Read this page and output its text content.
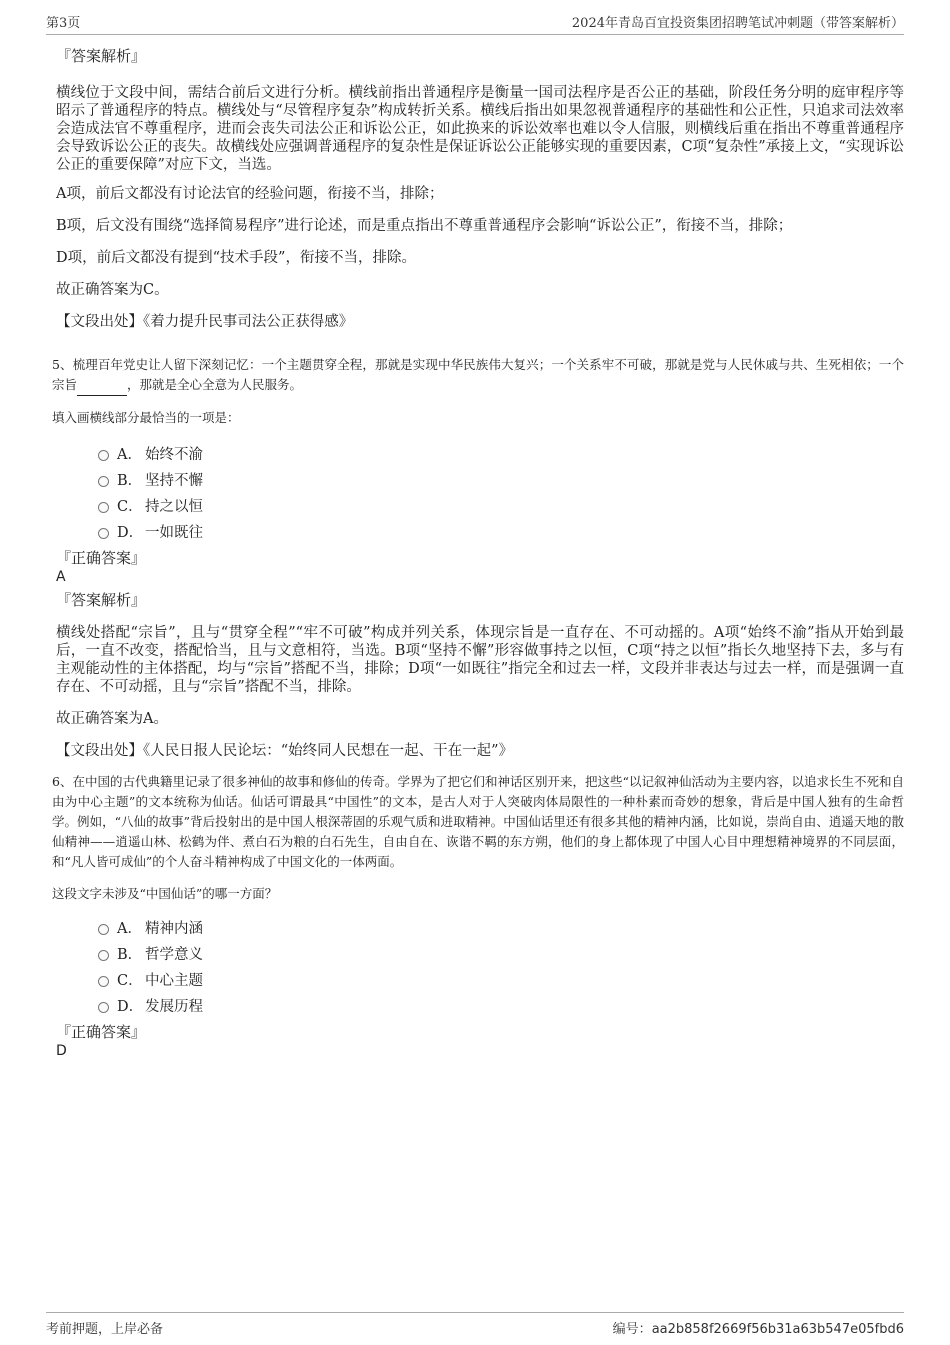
第3页	2024年青岛百宜投资集团招聘笔试冲刺题（带答案解析）

『答案解析』

横线位于文段中间，需结合前后文进行分析。横线前指出普通程序是衡量一国司法程序是否公正的基础，阶段任务分明的庭审程序等昭示了普通程序的特点。横线处与“尽管程序复杂”构成转折关系。横线后指出如果忽视普通程序的基础性和公正性，只追求司法效率会造成法官不尊重程序，进而会丧失司法公正和诉讼公正，如此换来的诉讼效率也难以令人信服，则横线后重在指出不尊重普通程序会导致诉讼公正的丧失。故横线处应强调普通程序的复杂性是保证诉讼公正能够实现的重要因素，C项“复杂性”承接上文，“实现诉讼公正的重要保障”对应下文，当选。

A项，前后文都没有讨论法官的经验问题，衔接不当，排除；

B项，后文没有围绕“选择简易程序”进行论述，而是重点指出不尊重普通程序会影响“诉讼公正”，衔接不当，排除；

D项，前后文都没有提到“技术手段”，衔接不当，排除。

故正确答案为C。

【文段出处】《着力提升民事司法公正获得感》

5、梳理百年党史让人留下深刻记忆：一个主题贯穿全程，那就是实现中华民族伟大复兴；一个关系牢不可破，那就是党与人民休戚与共、生死相依；一个宗旨	，那就是全心全意为人民服务。

填入画横线部分最恰当的一项是：

A． 始终不渝
B． 坚持不懈
C． 持之以恒
D． 一如既往

『正确答案』

A

『答案解析』

横线处搭配“宗旨”，且与“贯穿全程”“牢不可破”构成并列关系，体现宗旨是一直存在、不可动摇的。A项“始终不渝”指从开始到最后，一直不改变，搭配恰当，且与文意相符，当选。B项“坚持不懈”形容做事持之以恒，C项“持之以恒”指长久地坚持下去，多与有主观能动性的主体搭配，均与“宗旨”搭配不当，排除；D项“一如既往”指完全和过去一样，文段并非表达与过去一样，而是强调一直存在、不可动摇，且与“宗旨”搭配不当，排除。

故正确答案为A。

【文段出处】《人民日报人民论坛：“始终同人民想在一起、干在一起”》

6、在中国的古代典籍里记录了很多神仙的故事和修仙的传奇。学界为了把它们和神话区别开来，把这些“以记叙神仙活动为主要内容，以追求长生不死和自由为中心主题”的文本统称为仙话。仙话可谓最具“中国性”的文本，是古人对于人突破肉体局限性的一种朴素而奇妙的想象，背后是中国人独有的生命哲学。例如，“八仙的故事”背后投射出的是中国人根深蒂固的乐观气质和进取精神。中国仙话里还有很多其他的精神内涵，比如说，崇尚自由、逍遥天地的散仙精神——逍遥山林、松鹤为伴、煮白石为粮的白石先生，自由自在、诙谐不羁的东方朔，他们的身上都体现了中国人心目中理想精神境界的不同层面，和“凡人皆可成仙”的个人奋斗精神构成了中国文化的一体两面。

这段文字未涉及“中国仙话”的哪一方面？

A． 精神内涵
B． 哲学意义
C． 中心主题
D． 发展历程

『正确答案』

D

考前押题，上岸必备	编号：aa2b858f2669f56b31a63b547e05fbd6
